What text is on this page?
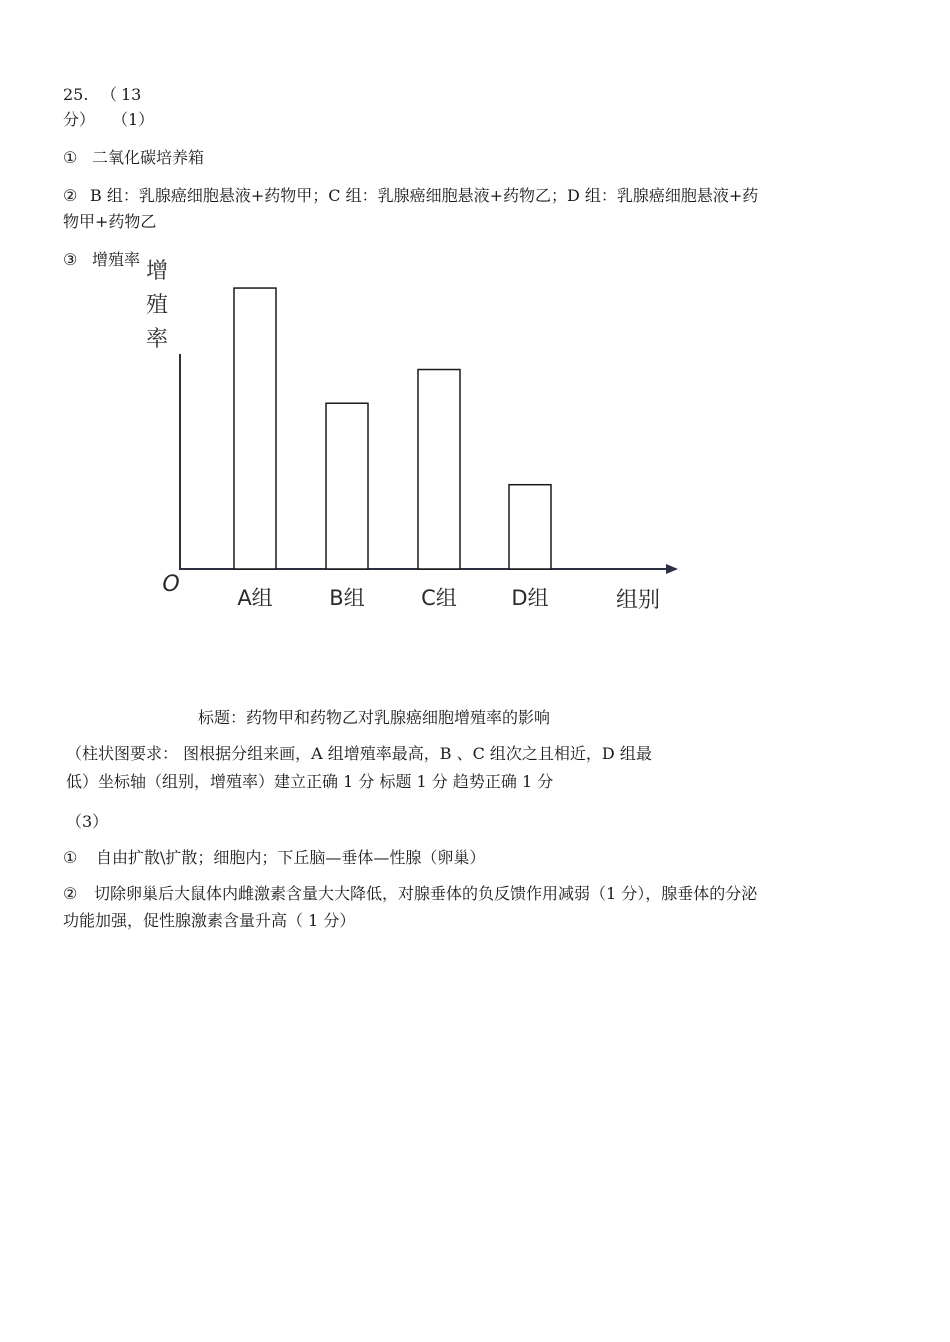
25. （ 13
分） （1）
① 二氧化碳培养箱
② B 组：乳腺癌细胞悬液+药物甲；C 组：乳腺癌细胞悬液+药物乙；D 组：乳腺癌细胞悬液+药
物甲+药物乙
③ 增殖率 增
殖
率
A组	B组	C组	D组
O
组别
标题：药物甲和药物乙对乳腺癌细胞增殖率的影响
（柱状图要求： 图根据分组来画，A 组增殖率最高，B 、C 组次之且相近，D 组最
低）坐标轴（组别，增殖率）建立正确 1 分 标题 1 分 趋势正确 1 分
（3）
① 自由扩散\扩散；细胞内；下丘脑—垂体—性腺（卵巢）
② 切除卵巢后大鼠体内雌激素含量大大降低，对腺垂体的负反馈作用减弱（1 分），腺垂体的分泌
功能加强，促性腺激素含量升高（ 1 分）
